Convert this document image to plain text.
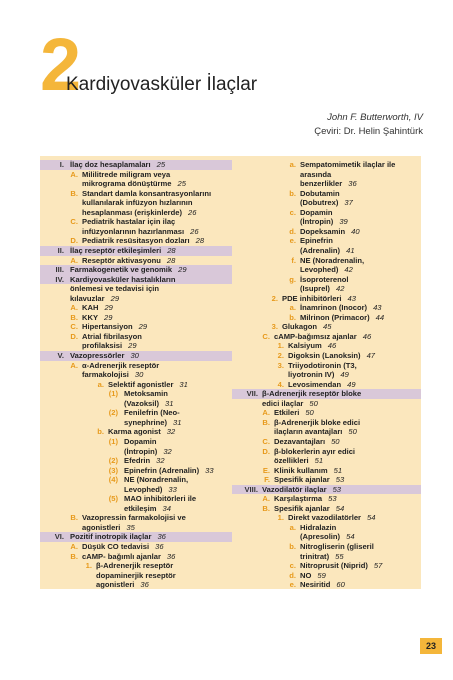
2
Kardiyovasküler İlaçlar
John F. Butterworth, IV
Çeviri: Dr. Helin Şahintürk
I. İlaç doz hesaplamaları 25
A. Mililitrede miligram veya
mikrograma dönüştürme 25
B. Standart damla konsantrasyonlarını
kullanılarak infüzyon hızlarının
hesaplanması (erişkinlerde) 26
C. Pediatrik hastalar için ilaç
infüzyonlarının hazırlanması 26
D. Pediatrik resüsitasyon dozları 28
II. İlaç reseptör etkileşimleri 28
A. Reseptör aktivasyonu 28
III. Farmakogenetik ve genomik 29
IV. Kardiyovasküler hastalıkların
önlemesi ve tedavisi için
kılavuzlar 29
A. KAH 29
B. KKY 29
C. Hipertansiyon 29
D. Atrial fibrilasyon
profilaksisi 29
V. Vazopressörler 30
A. α-Adrenerjik reseptör
farmakolojisi 30
a. Selektif agonistler 31
(1) Metoksamin
(Vazoksil) 31
(2) Fenilefrin (Neo-
synephrine) 31
b. Karma agonist 32
(1) Dopamin
(İntropin) 32
(2) Efedrin 32
(3) Epinefrin (Adrenalin) 33
(4) NE (Noradrenalin,
Levophed) 33
(5) MAO inhibitörleri ile
etkileşim 34
B. Vazopressin farmakolojisi ve
agonistleri 35
VI. Pozitif inotropik ilaçlar 36
A. Düşük CO tedavisi 36
B. cAMP- bağımlı ajanlar 36
1. β-Adrenerjik reseptör
dopaminerjik reseptör
agonistleri 36
a. Sempatomimetik ilaçlar ile
arasında
benzerlikler 36
b. Dobutamin
(Dobutrex) 37
c. Dopamin
(İntropin) 39
d. Dopeksamin 40
e. Epinefrin
(Adrenalin) 41
f. NE (Noradrenalin,
Levophed) 42
g. İsoproterenol
(Isuprel) 42
2. PDE inhibitörleri 43
a. İnamrinon (Inocor) 43
b. Milrinon (Primacor) 44
3. Glukagon 45
C. cAMP-bağımsız ajanlar 46
1. Kalsiyum 46
2. Digoksin (Lanoksin) 47
3. Triiyodotironin (T3,
liyotronin IV) 49
4. Levosimendan 49
VII. β-Adrenerjik reseptör bloke
edici ilaçlar 50
A. Etkileri 50
B. β-Adrenerjik bloke edici
ilaçların avantajları 50
C. Dezavantajları 50
D. β-blokerlerin ayır edici
özellikleri 51
E. Klinik kullanım 51
F. Spesifik ajanlar 53
VIII. Vazodilatör ilaçlar 53
A. Karşılaştırma 53
B. Spesifik ajanlar 54
1. Direkt vazodilatörler 54
a. Hidralazin
(Apresolin) 54
b. Nitrogliserin (gliseril
trinitrat) 55
c. Nitroprusit (Niprid) 57
d. NO 59
e. Nesiritid 60
23
